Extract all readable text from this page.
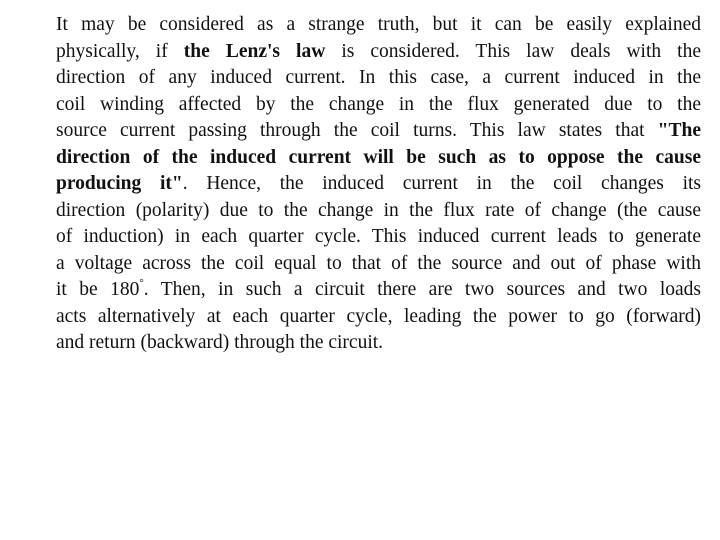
It may be considered as a strange truth, but it can be easily explained
physically, if the Lenz's law is considered. This law deals with the
direction of any induced current. In this case, a current induced in the
coil winding affected by the change in the flux generated due to the
source current passing through the coil turns. This law states that "The
direction of the induced current will be such as to oppose the cause
producing it". Hence, the induced current in the coil changes its
direction (polarity) due to the change in the flux rate of change (the cause
of induction) in each quarter cycle. This induced current leads to generate
a voltage across the coil equal to that of the source and out of phase with
it be 180°. Then, in such a circuit there are two sources and two loads
acts alternatively at each quarter cycle, leading the power to go (forward)
and return (backward) through the circuit.
